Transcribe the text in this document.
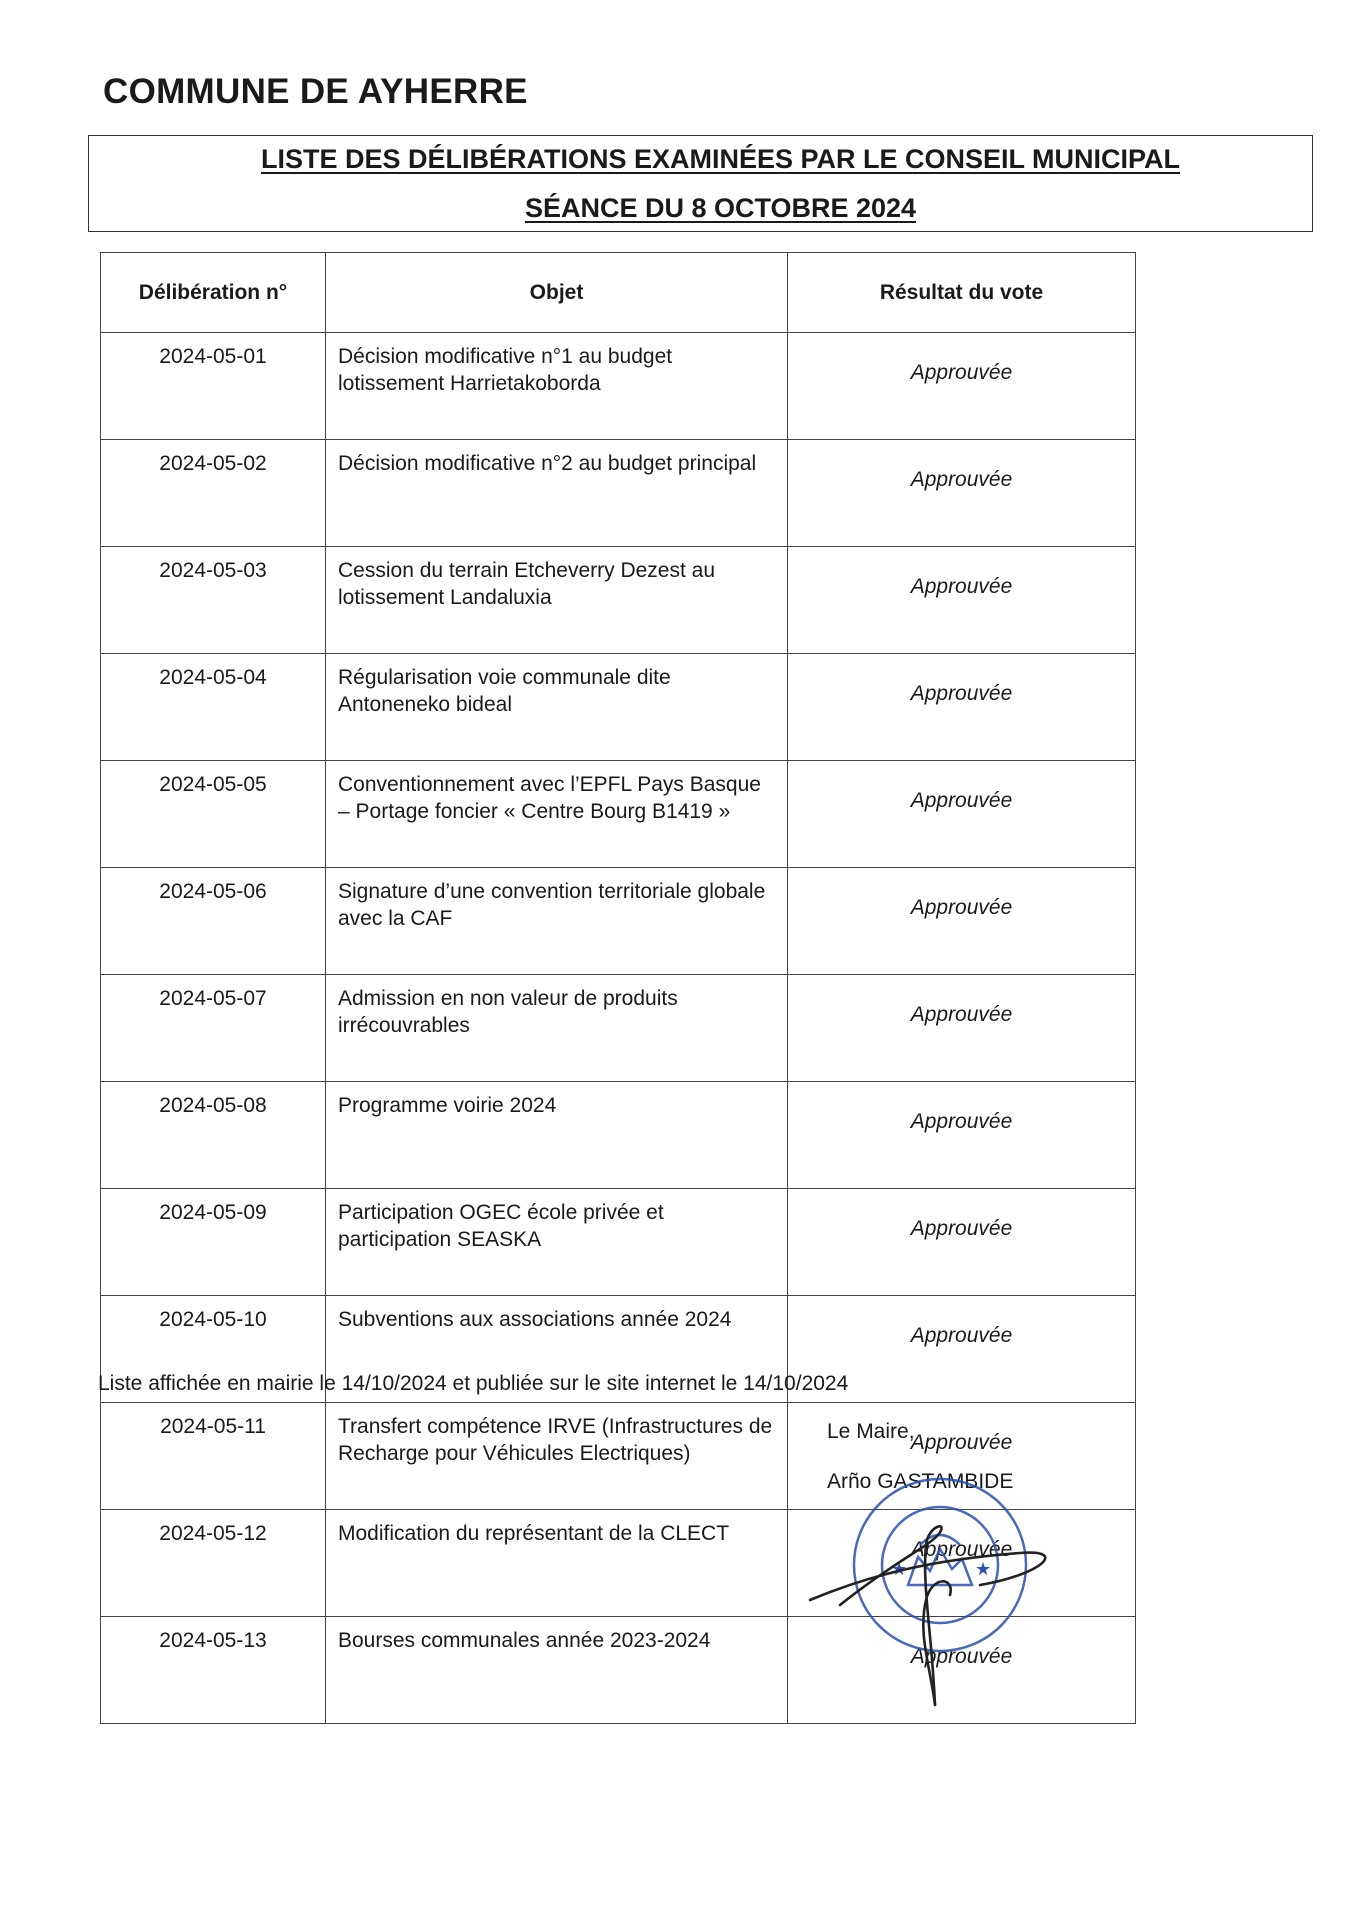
COMMUNE DE AYHERRE

LISTE DES DÉLIBÉRATIONS EXAMINÉES PAR LE CONSEIL MUNICIPAL

SÉANCE DU 8 OCTOBRE 2024

Délibération n°	Objet	Résultat du vote
2024-05-01	Décision modificative n°1 au budget lotissement Harrietakoborda	Approuvée
2024-05-02	Décision modificative n°2 au budget principal	Approuvée
2024-05-03	Cession du terrain Etcheverry Dezest au lotissement Landaluxia	Approuvée
2024-05-04	Régularisation voie communale dite Antoneneko bideal	Approuvée
2024-05-05	Conventionnement avec l’EPFL Pays Basque – Portage foncier « Centre Bourg B1419 »	Approuvée
2024-05-06	Signature d’une convention territoriale globale avec la CAF	Approuvée
2024-05-07	Admission en non valeur de produits irrécouvrables	Approuvée
2024-05-08	Programme voirie 2024	Approuvée
2024-05-09	Participation OGEC école privée et participation SEASKA	Approuvée
2024-05-10	Subventions aux associations année 2024	Approuvée
2024-05-11	Transfert compétence IRVE (Infrastructures de Recharge pour Véhicules Electriques)	Approuvée
2024-05-12	Modification du représentant de la CLECT	Approuvée
2024-05-13	Bourses communales année 2023-2024	Approuvée

Liste affichée en mairie le 14/10/2024 et publiée sur le site internet le 14/10/2024

Le Maire,

Arño GASTAMBIDE

★	★
